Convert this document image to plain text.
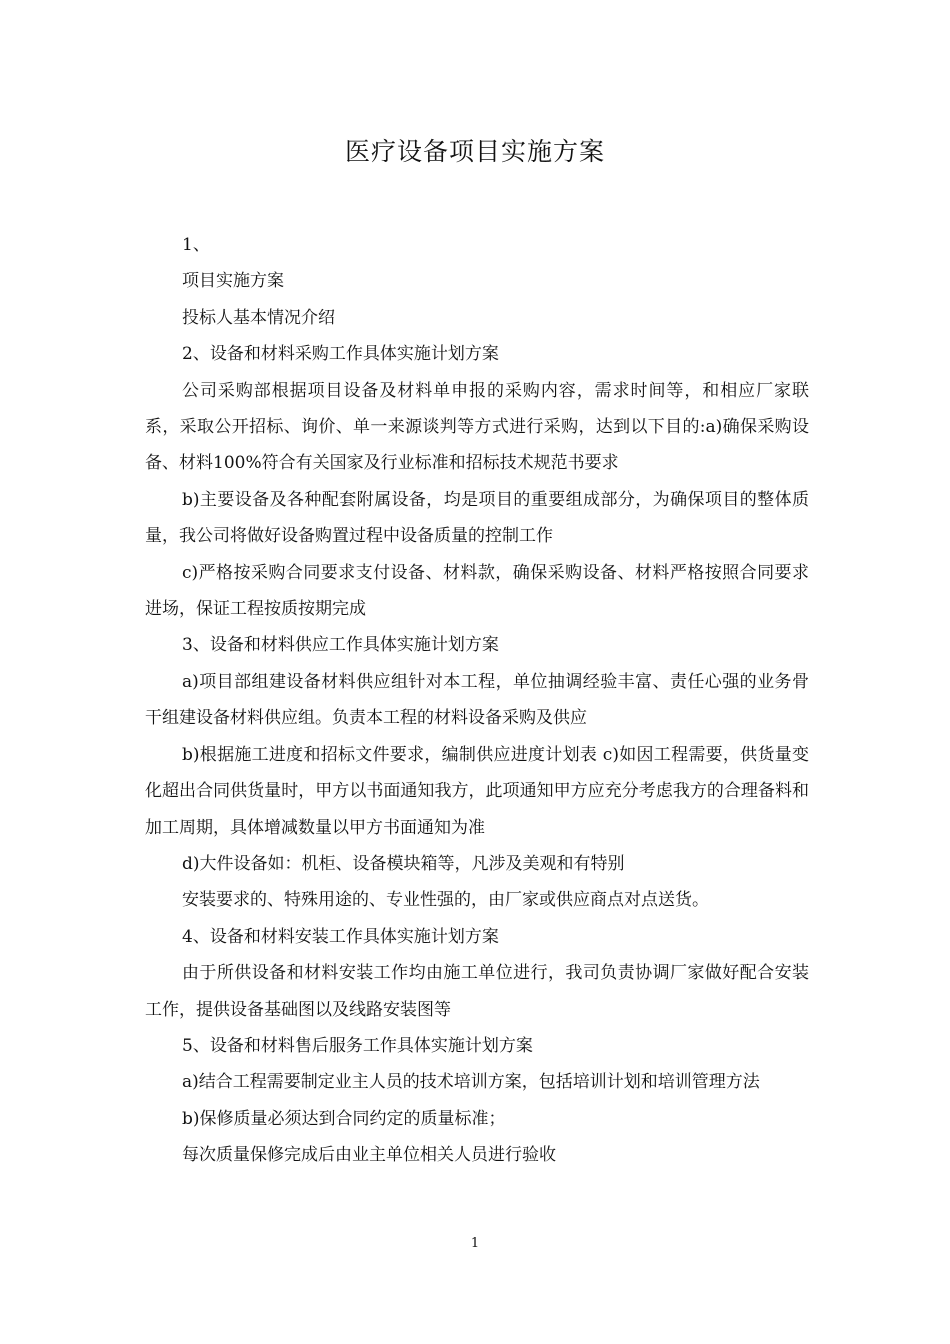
医疗设备项目实施方案

1、

项目实施方案

投标人基本情况介绍

2、设备和材料采购工作具体实施计划方案

公司采购部根据项目设备及材料单申报的采购内容，需求时间等，和相应厂家联系，采取公开招标、询价、单一来源谈判等方式进行采购，达到以下目的:a)确保采购设备、材料100%符合有关国家及行业标准和招标技术规范书要求

b)主要设备及各种配套附属设备，均是项目的重要组成部分，为确保项目的整体质量，我公司将做好设备购置过程中设备质量的控制工作

c)严格按采购合同要求支付设备、材料款，确保采购设备、材料严格按照合同要求进场，保证工程按质按期完成

3、设备和材料供应工作具体实施计划方案

a)项目部组建设备材料供应组针对本工程，单位抽调经验丰富、责任心强的业务骨干组建设备材料供应组。负责本工程的材料设备采购及供应

b)根据施工进度和招标文件要求，编制供应进度计划表 c)如因工程需要，供货量变化超出合同供货量时，甲方以书面通知我方，此项通知甲方应充分考虑我方的合理备料和加工周期，具体增减数量以甲方书面通知为准

d)大件设备如：机柜、设备模块箱等，凡涉及美观和有特别

安装要求的、特殊用途的、专业性强的，由厂家或供应商点对点送货。

4、设备和材料安装工作具体实施计划方案

由于所供设备和材料安装工作均由施工单位进行，我司负责协调厂家做好配合安装工作，提供设备基础图以及线路安装图等

5、设备和材料售后服务工作具体实施计划方案

a)结合工程需要制定业主人员的技术培训方案，包括培训计划和培训管理方法

b)保修质量必须达到合同约定的质量标准；

每次质量保修完成后由业主单位相关人员进行验收

1
